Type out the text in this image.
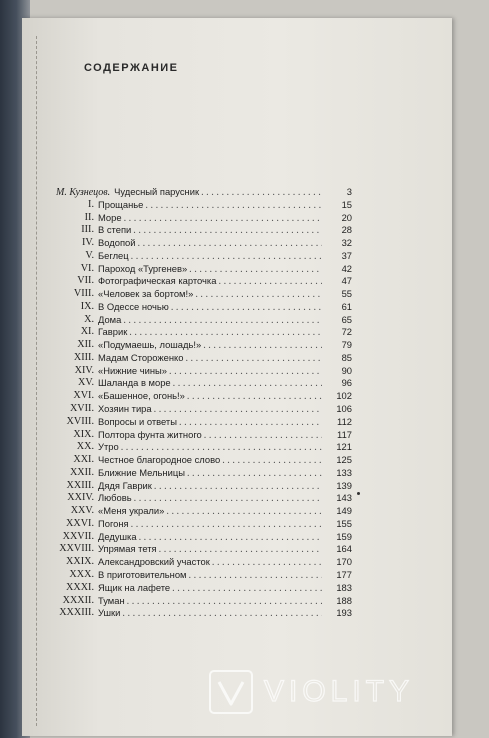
СОДЕРЖАНИЕ
М. Кузнецов. Чудесный парусник . . .	3
I. Прощанье . . .	15
II. Море . . .	20
III. В степи . . .	28
IV. Водопой . . .	32
V. Беглец . . .	37
VI. Пароход «Тургенев» . . .	42
VII. Фотографическая карточка . . .	47
VIII. «Человек за бортом!» . . .	55
IX. В Одессе ночью . . .	61
X. Дома . . .	65
XI. Гаврик . . .	72
XII. «Подумаешь, лошадь!» . . .	79
XIII. Мадам Стороженко . . .	85
XIV. «Нижние чины» . . .	90
XV. Шаланда в море . . .	96
XVI. «Башенное, огонь!» . . .	102
XVII. Хозяин тира . . .	106
XVIII. Вопросы и ответы . . .	112
XIX. Полтора фунта житного . . .	117
XX. Утро . . .	121
XXI. Честное благородное слово . . .	125
XXII. Ближние Мельницы . . .	133
XXIII. Дядя Гаврик . . .	139
XXIV. Любовь . . .	143
XXV. «Меня украли» . . .	149
XXVI. Погоня . . .	155
XXVII. Дедушка . . .	159
XXVIII. Упрямая тетя . . .	164
XXIX. Александровский участок . . .	170
XXX. В приготовительном . . .	177
XXXI. Ящик на лафете . . .	183
XXXII. Туман . . .	188
XXXIII. Ушки . . .	193
VIOLITY
